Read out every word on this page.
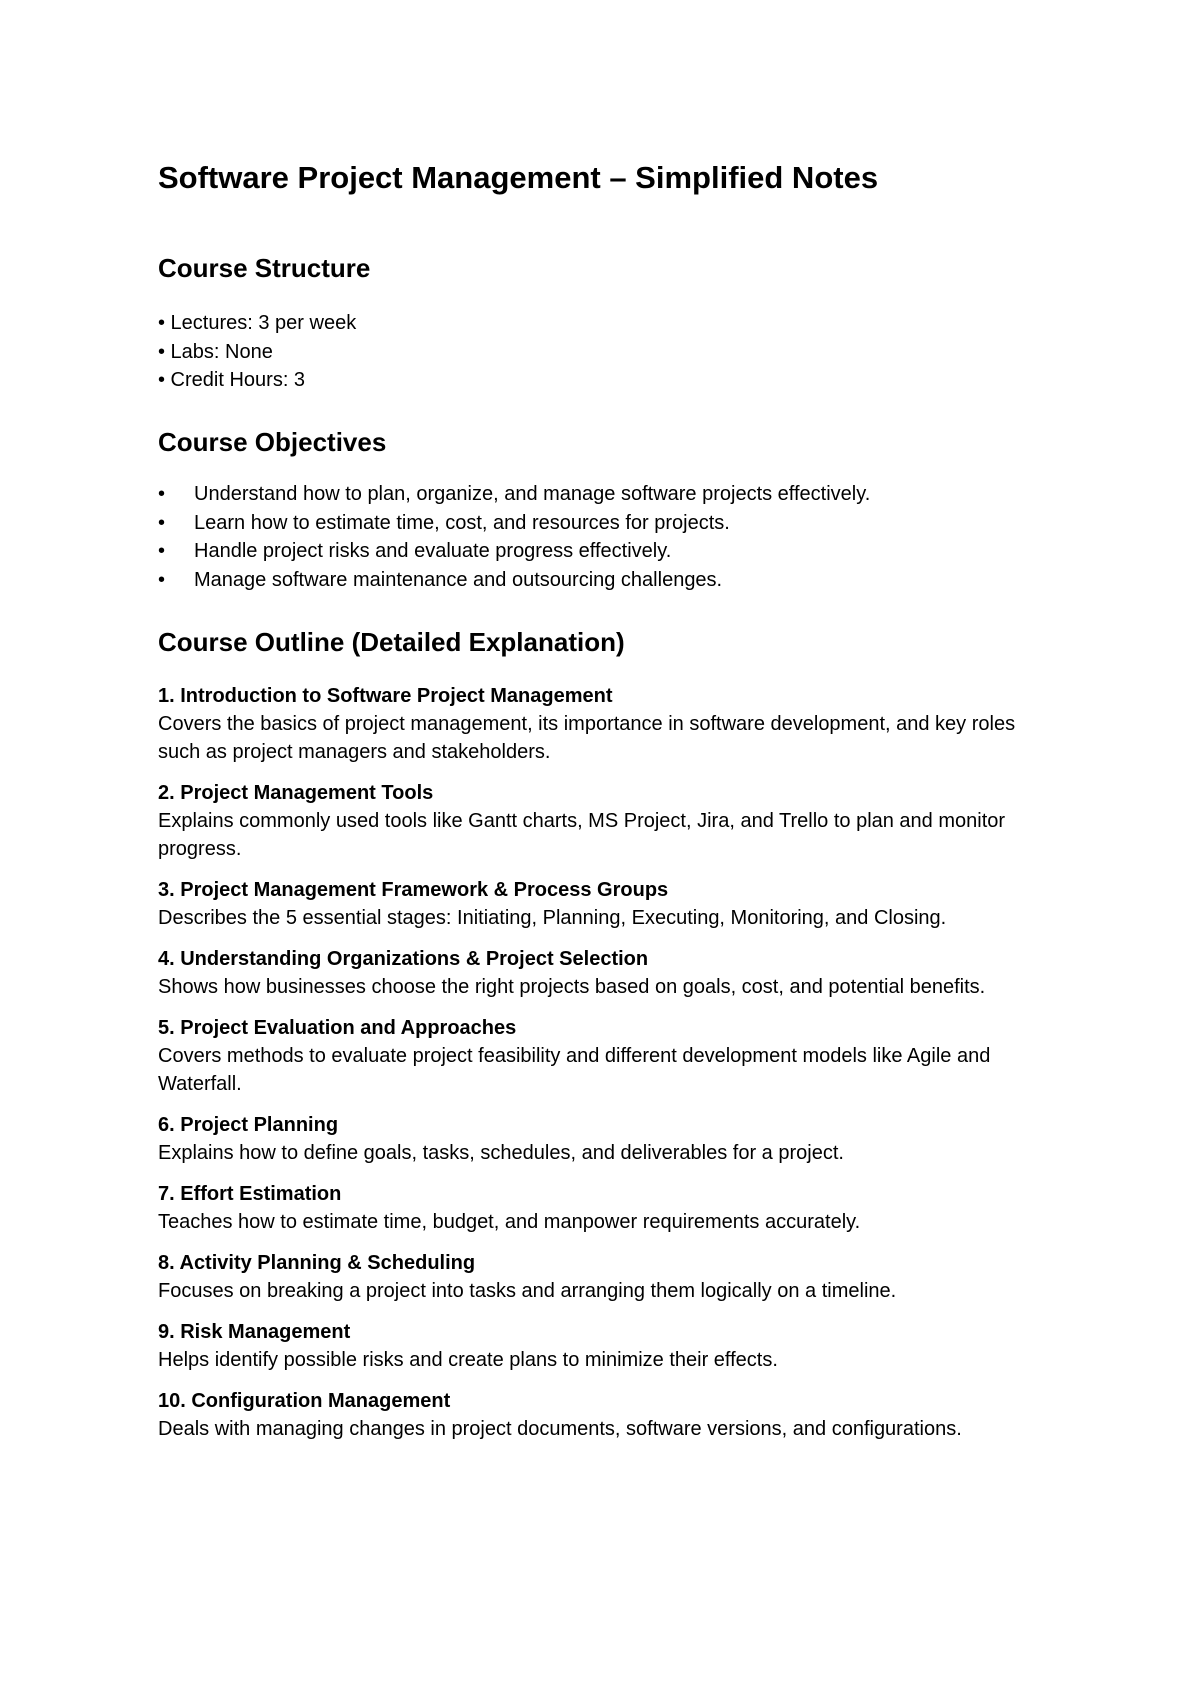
Software Project Management – Simplified Notes
Course Structure
• Lectures: 3 per week
• Labs: None
• Credit Hours: 3
Course Objectives
• Understand how to plan, organize, and manage software projects effectively.
• Learn how to estimate time, cost, and resources for projects.
• Handle project risks and evaluate progress effectively.
• Manage software maintenance and outsourcing challenges.
Course Outline (Detailed Explanation)
1. Introduction to Software Project Management
Covers the basics of project management, its importance in software development, and key roles such as project managers and stakeholders.
2. Project Management Tools
Explains commonly used tools like Gantt charts, MS Project, Jira, and Trello to plan and monitor progress.
3. Project Management Framework & Process Groups
Describes the 5 essential stages: Initiating, Planning, Executing, Monitoring, and Closing.
4. Understanding Organizations & Project Selection
Shows how businesses choose the right projects based on goals, cost, and potential benefits.
5. Project Evaluation and Approaches
Covers methods to evaluate project feasibility and different development models like Agile and Waterfall.
6. Project Planning
Explains how to define goals, tasks, schedules, and deliverables for a project.
7. Effort Estimation
Teaches how to estimate time, budget, and manpower requirements accurately.
8. Activity Planning & Scheduling
Focuses on breaking a project into tasks and arranging them logically on a timeline.
9. Risk Management
Helps identify possible risks and create plans to minimize their effects.
10. Configuration Management
Deals with managing changes in project documents, software versions, and configurations.
